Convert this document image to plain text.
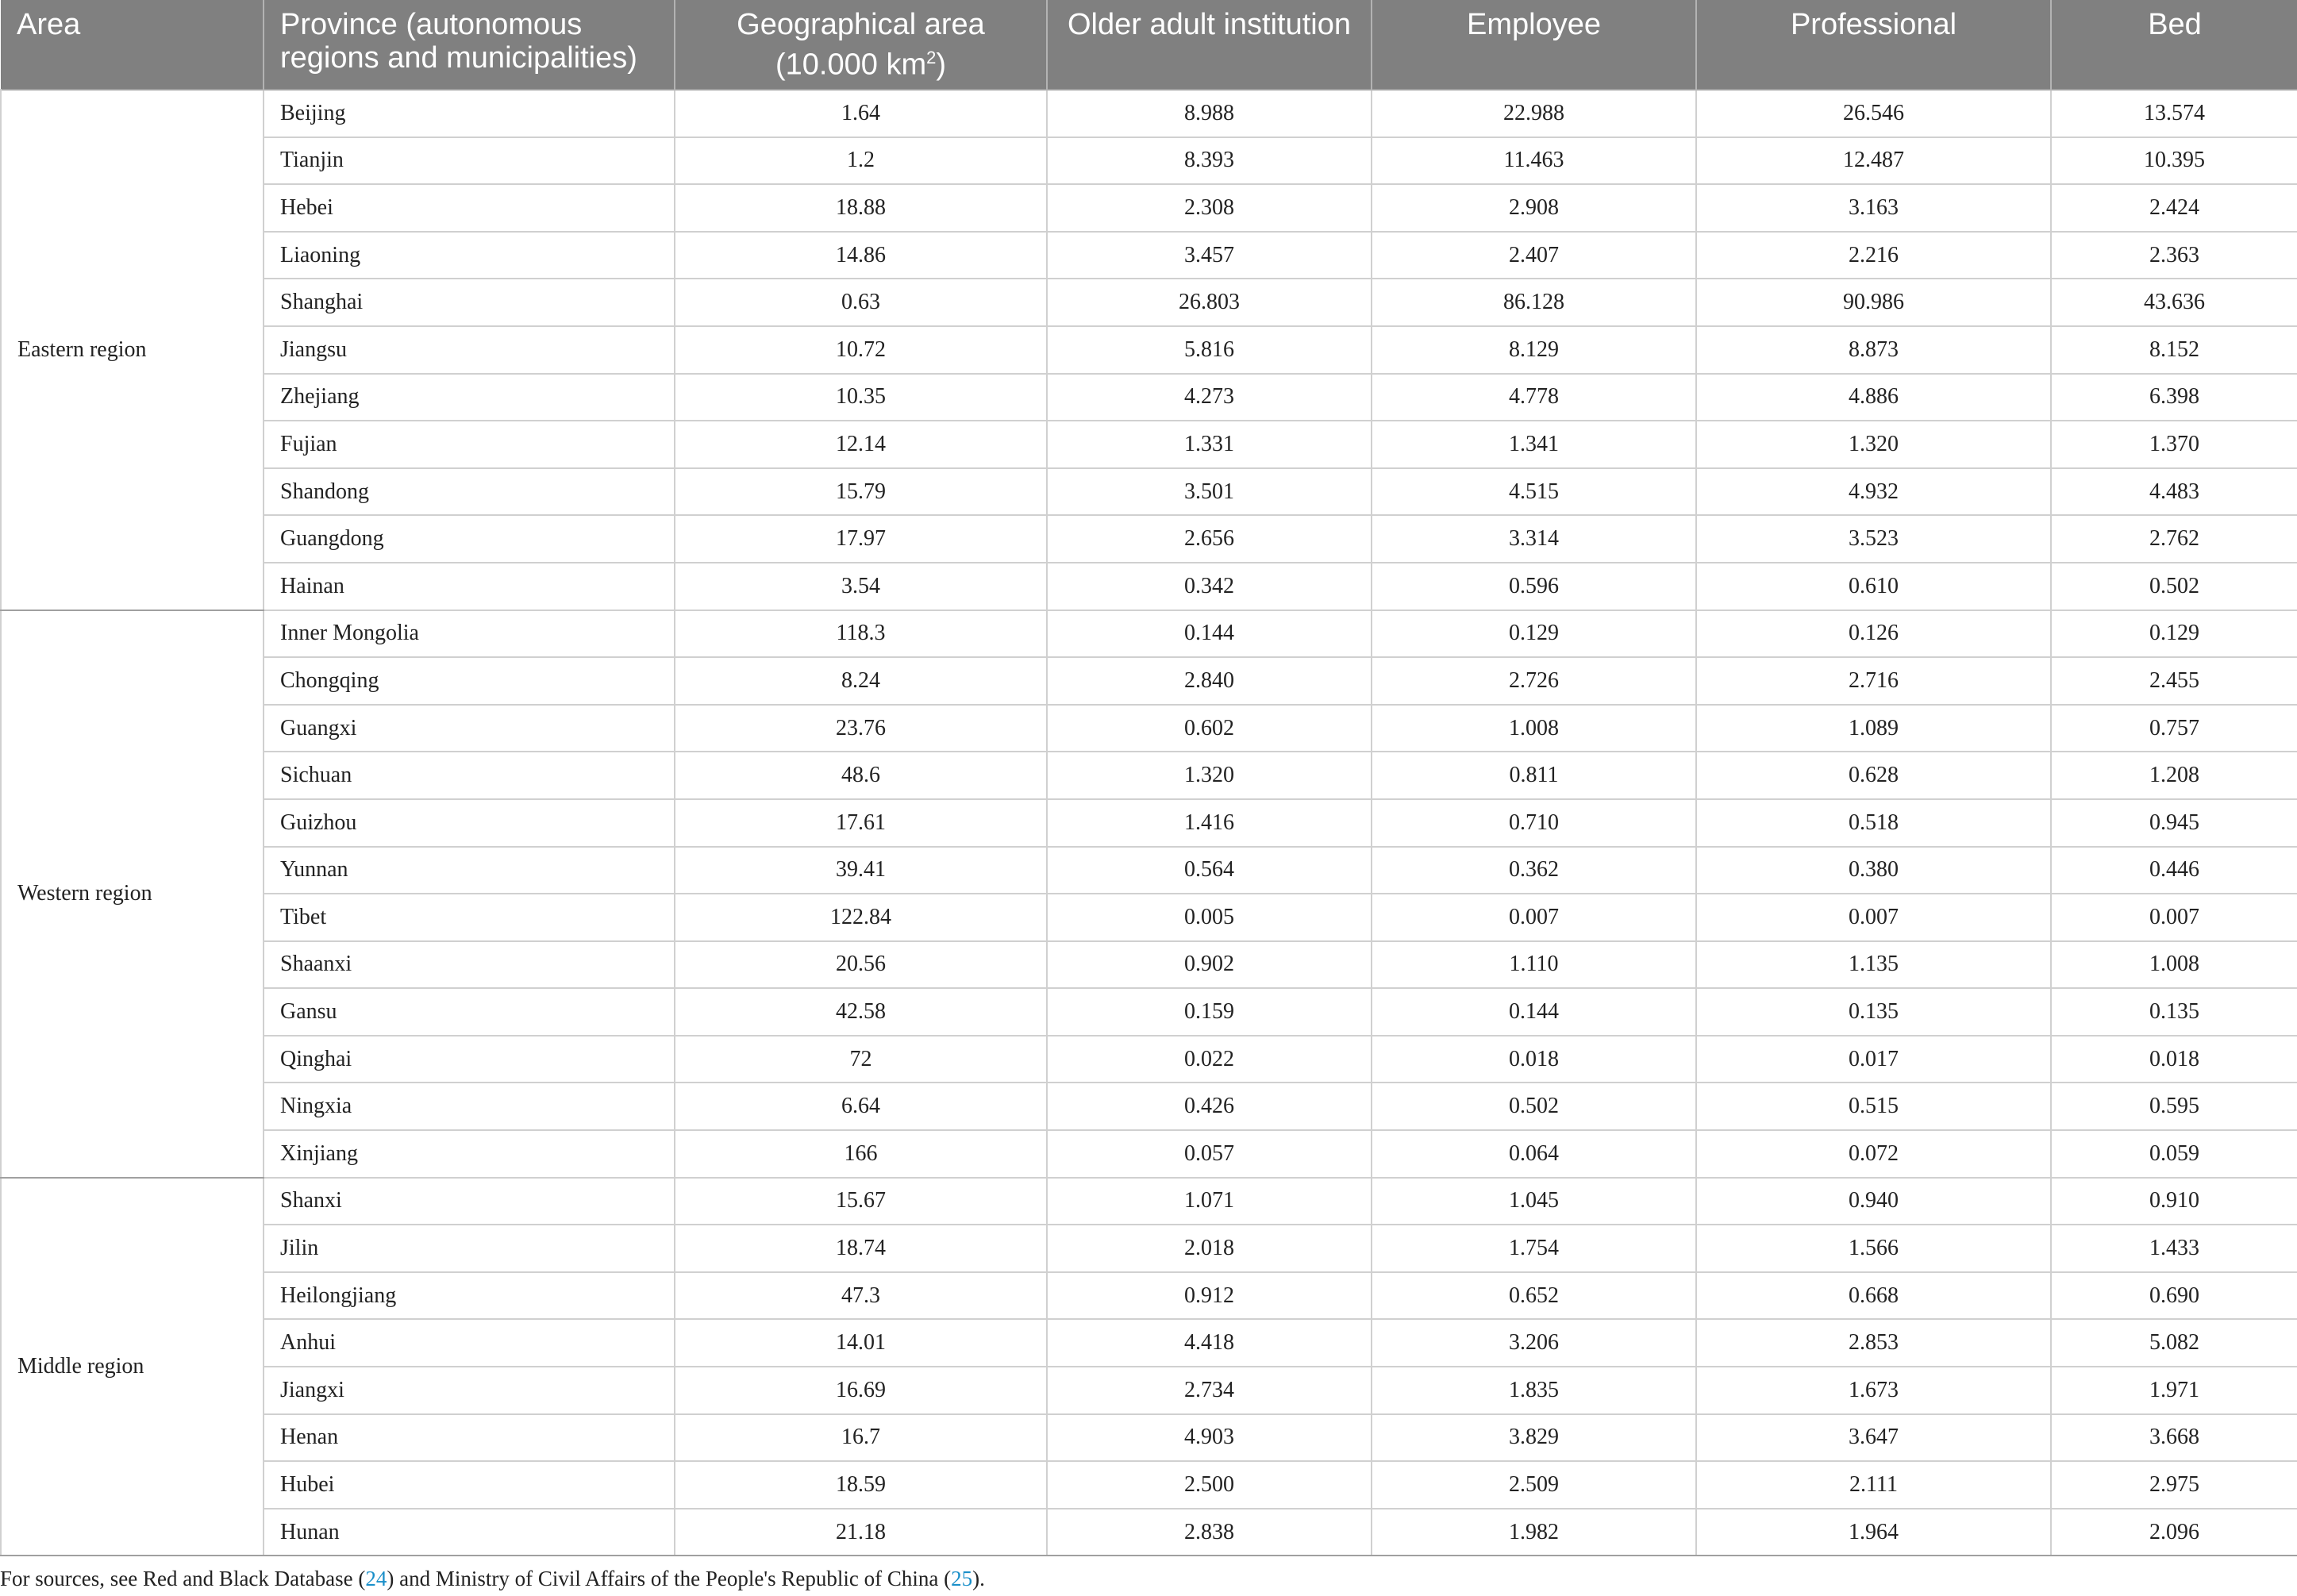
Area	Province (autonomous regions and municipalities)	Geographical area (10.000 $km^2$)	Older adult institution	Employee	Professional	Bed
Eastern region	Beijing	1.64	8.988	22.988	26.546	13.574
	Tianjin	1.2	8.393	11.463	12.487	10.395
	Hebei	18.88	2.308	2.908	3.163	2.424
	Liaoning	14.86	3.457	2.407	2.216	2.363
	Shanghai	0.63	26.803	86.128	90.986	43.636
	Jiangsu	10.72	5.816	8.129	8.873	8.152
	Zhejiang	10.35	4.273	4.778	4.886	6.398
	Fujian	12.14	1.331	1.341	1.320	1.370
	Shandong	15.79	3.501	4.515	4.932	4.483
	Guangdong	17.97	2.656	3.314	3.523	2.762
	Hainan	3.54	0.342	0.596	0.610	0.502
Western region	Inner Mongolia	118.3	0.144	0.129	0.126	0.129
	Chongqing	8.24	2.840	2.726	2.716	2.455
	Guangxi	23.76	0.602	1.008	1.089	0.757
	Sichuan	48.6	1.320	0.811	0.628	1.208
	Guizhou	17.61	1.416	0.710	0.518	0.945
	Yunnan	39.41	0.564	0.362	0.380	0.446
	Tibet	122.84	0.005	0.007	0.007	0.007
	Shaanxi	20.56	0.902	1.110	1.135	1.008
	Gansu	42.58	0.159	0.144	0.135	0.135
	Qinghai	72	0.022	0.018	0.017	0.018
	Ningxia	6.64	0.426	0.502	0.515	0.595
	Xinjiang	166	0.057	0.064	0.072	0.059
Middle region	Shanxi	15.67	1.071	1.045	0.940	0.910
	Jilin	18.74	2.018	1.754	1.566	1.433
	Heilongjiang	47.3	0.912	0.652	0.668	0.690
	Anhui	14.01	4.418	3.206	2.853	5.082
	Jiangxi	16.69	2.734	1.835	1.673	1.971
	Henan	16.7	4.903	3.829	3.647	3.668
	Hubei	18.59	2.500	2.509	2.111	2.975
	Hunan	21.18	2.838	1.982	1.964	2.096
For sources, see Red and Black Database (24) and Ministry of Civil Affairs of the People's Republic of China (25).
